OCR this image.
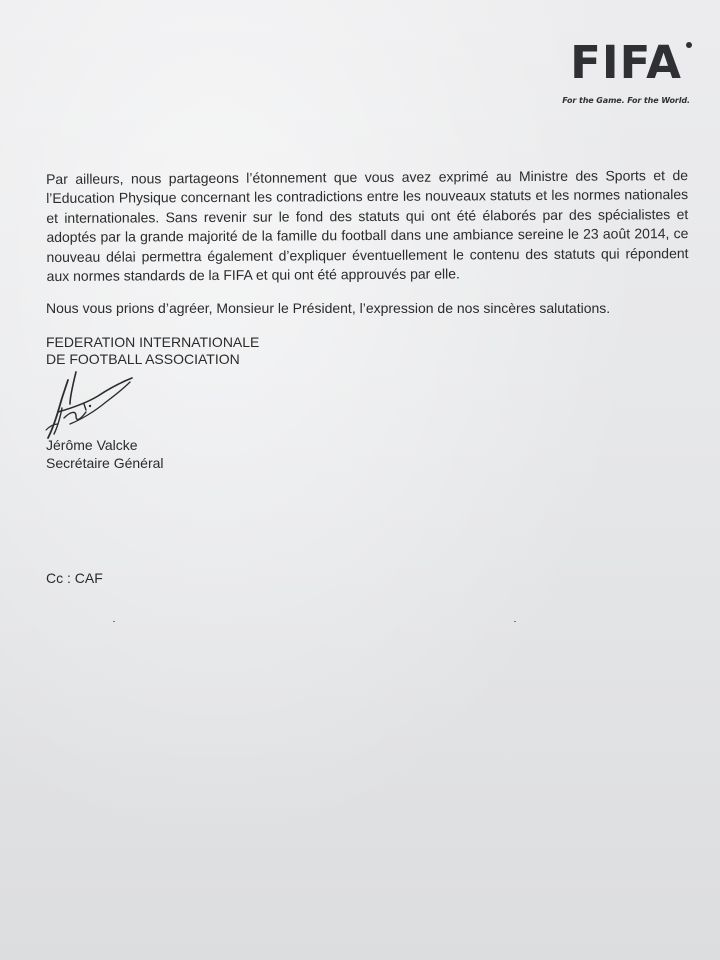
FIFA
For the Game. For the World.

Par ailleurs, nous partageons l’étonnement que vous avez exprimé au Ministre des Sports et de l’Education Physique concernant les contradictions entre les nouveaux statuts et les normes nationales et internationales. Sans revenir sur le fond des statuts qui ont été élaborés par des spécialistes et adoptés par la grande majorité de la famille du football dans une ambiance sereine le 23 août 2014, ce nouveau délai permettra également d’expliquer éventuellement le contenu des statuts qui répondent aux normes standards de la FIFA et qui ont été approuvés par elle.

Nous vous prions d’agréer, Monsieur le Président, l’expression de nos sincères salutations.

FEDERATION INTERNATIONALE

DE FOOTBALL ASSOCIATION

Jérôme Valcke

Secrétaire Général

Cc : CAF
